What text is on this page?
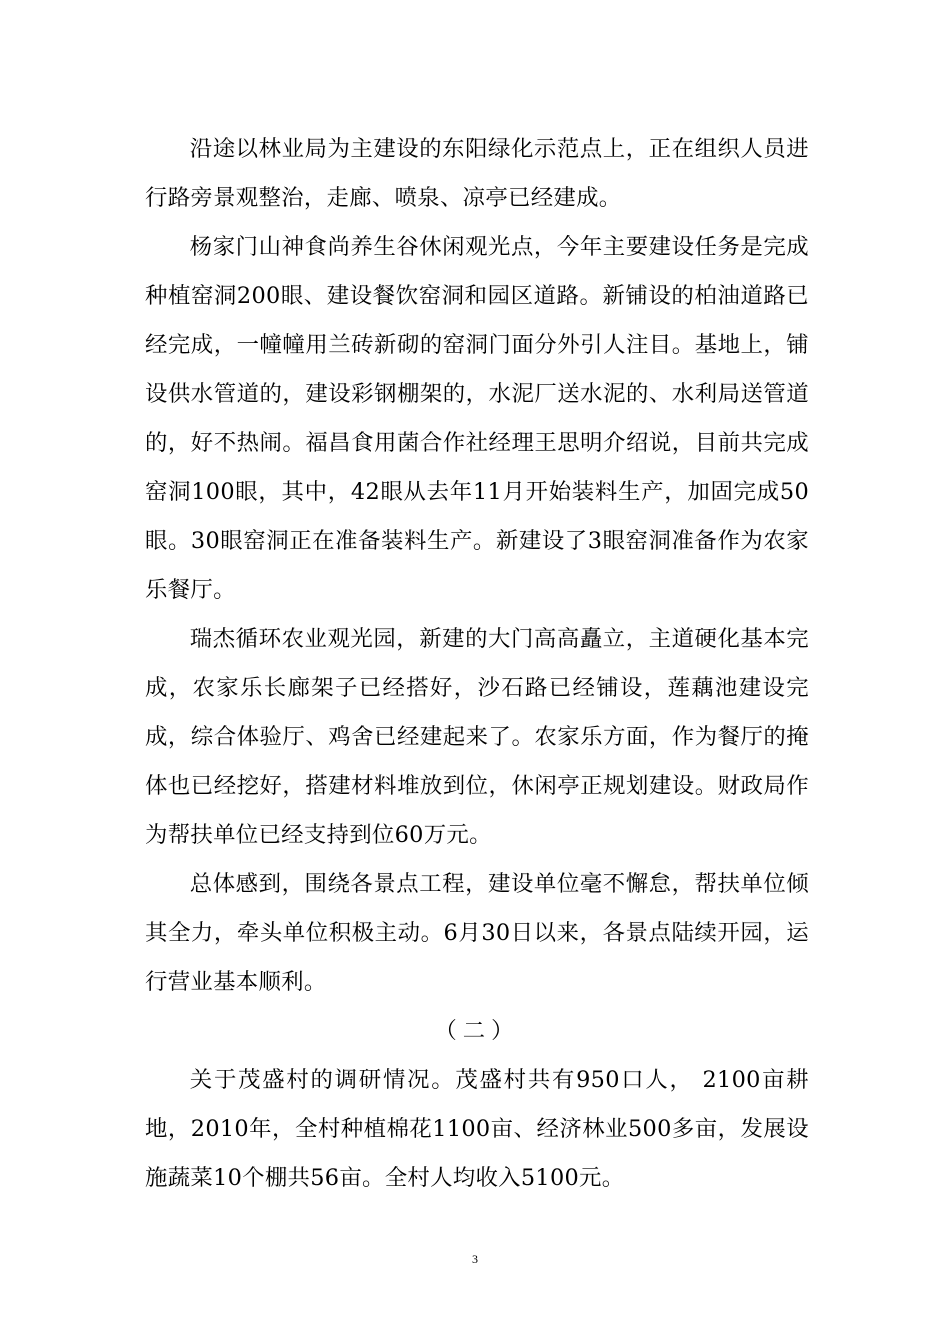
沿途以林业局为主建设的东阳绿化示范点上，正在组织人员进行路旁景观整治，走廊、喷泉、凉亭已经建成。

杨家门山神食尚养生谷休闲观光点，今年主要建设任务是完成种植窑洞200眼、建设餐饮窑洞和园区道路。新铺设的柏油道路已经完成，一幢幢用兰砖新砌的窑洞门面分外引人注目。基地上，铺设供水管道的，建设彩钢棚架的，水泥厂送水泥的、水利局送管道的，好不热闹。福昌食用菌合作社经理王思明介绍说，目前共完成窑洞100眼，其中，42眼从去年11月开始装料生产，加固完成50眼。30眼窑洞正在准备装料生产。新建设了3眼窑洞准备作为农家乐餐厅。

瑞杰循环农业观光园，新建的大门高高矗立，主道硬化基本完成，农家乐长廊架子已经搭好，沙石路已经铺设，莲藕池建设完成，综合体验厅、鸡舍已经建起来了。农家乐方面，作为餐厅的掩体也已经挖好，搭建材料堆放到位，休闲亭正规划建设。财政局作为帮扶单位已经支持到位60万元。

总体感到，围绕各景点工程，建设单位毫不懈怠，帮扶单位倾其全力，牵头单位积极主动。6月30日以来，各景点陆续开园，运行营业基本顺利。

（二）

关于茂盛村的调研情况。茂盛村共有950口人， 2100亩耕地，2010年，全村种植棉花1100亩、经济林业500多亩，发展设施蔬菜10个棚共56亩。全村人均收入5100元。

3
